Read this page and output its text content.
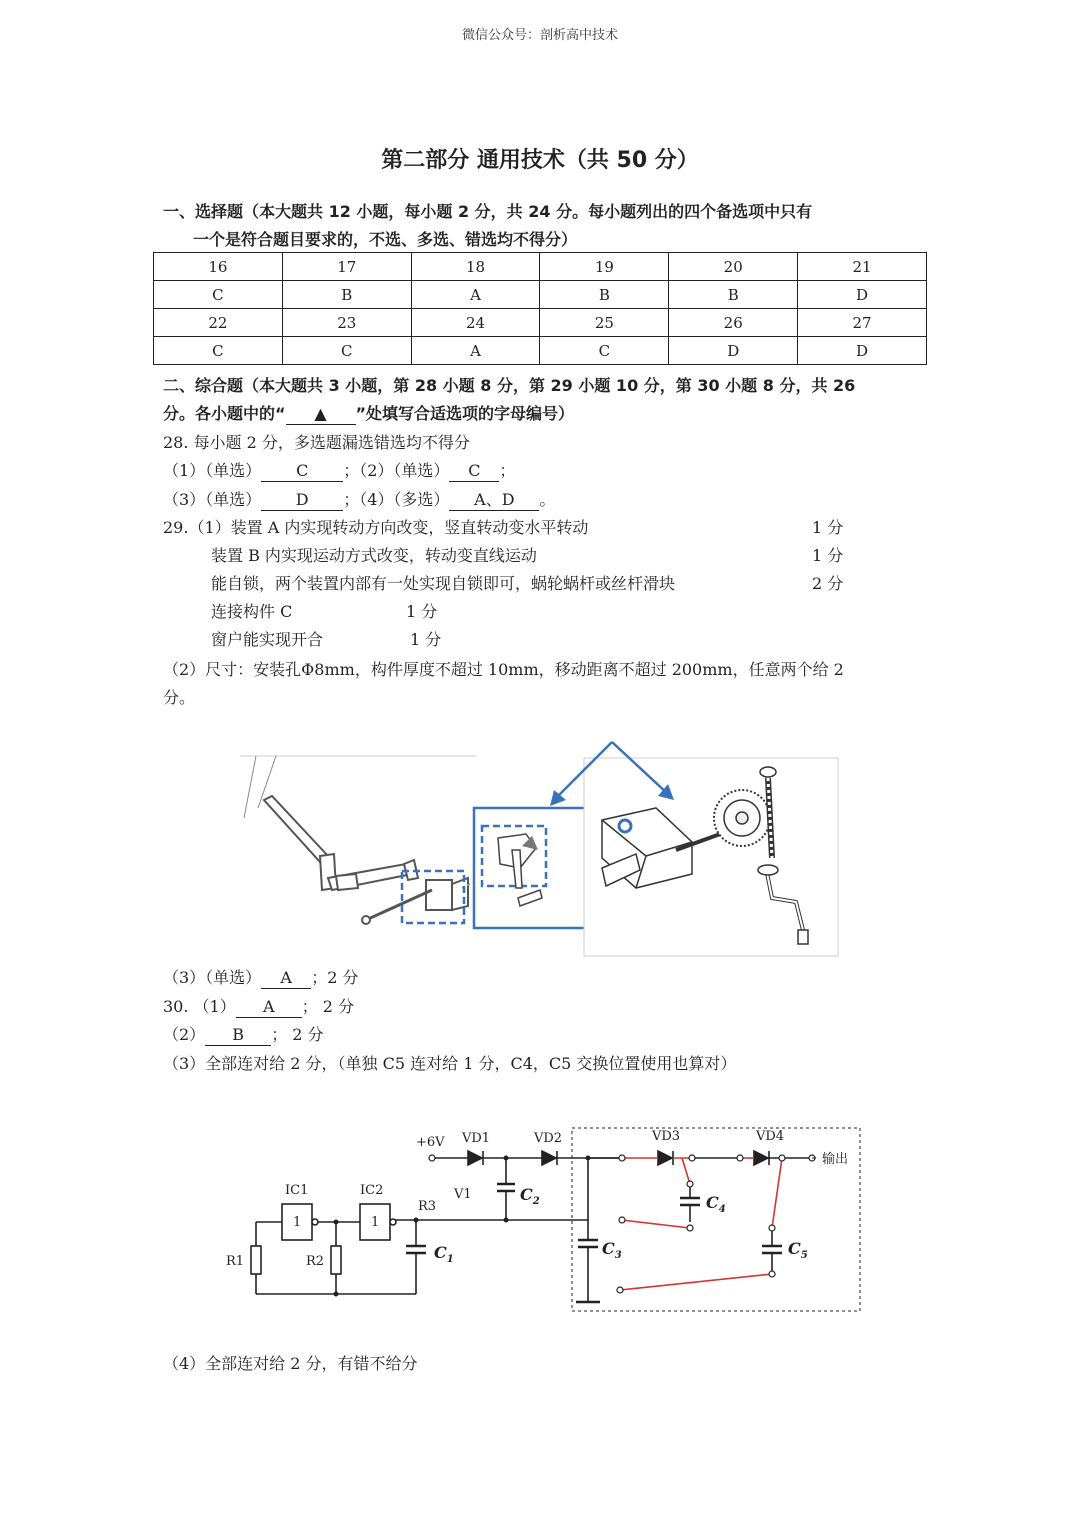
微信公众号：剖析高中技术
第二部分 通用技术（共 50 分）
一、选择题（本大题共 12 小题，每小题 2 分，共 24 分。每小题列出的四个备选项中只有
一个是符合题目要求的，不选、多选、错选均不得分）
16	17	18	19	20	21
C	B	A	B	B	D
22	23	24	25	26	27
C	C	A	C	D	D
二、综合题（本大题共 3 小题，第 28 小题 8 分，第 29 小题 10 分，第 30 小题 8 分，共 26
分。各小题中的“ ▲ ”处填写合适选项的字母编号）
28. 每小题 2 分，多选题漏选错选均不得分
（1）（单选） C ；（2）（单选） C ；
（3）（单选） D ；（4）（多选） A、D 。
29.（1）装置 A 内实现转动方向改变，竖直转动变水平转动	1 分
装置 B 内实现运动方式改变，转动变直线运动	1 分
能自锁，两个装置内部有一处实现自锁即可，蜗轮蜗杆或丝杆滑块	2 分
连接构件 C	1 分
窗户能实现开合	1 分
（2）尺寸：安装孔Φ8mm，构件厚度不超过 10mm，移动距离不超过 200mm，任意两个给 2
分。
（3）（单选） A ；2 分
30. （1） A ； 2 分
（2） B ； 2 分
（3）全部连对给 2 分，（单独 C5 连对给 1 分，C4，C5 交换位置使用也算对）
+6V VD1	VD2	VD3	VD4
输出
IC1	IC2
1	1
R1	R2
R3
V1
$C_1$
$C_2$
$C_3$
$C_4$
$C_5$
（4）全部连对给 2 分，有错不给分
